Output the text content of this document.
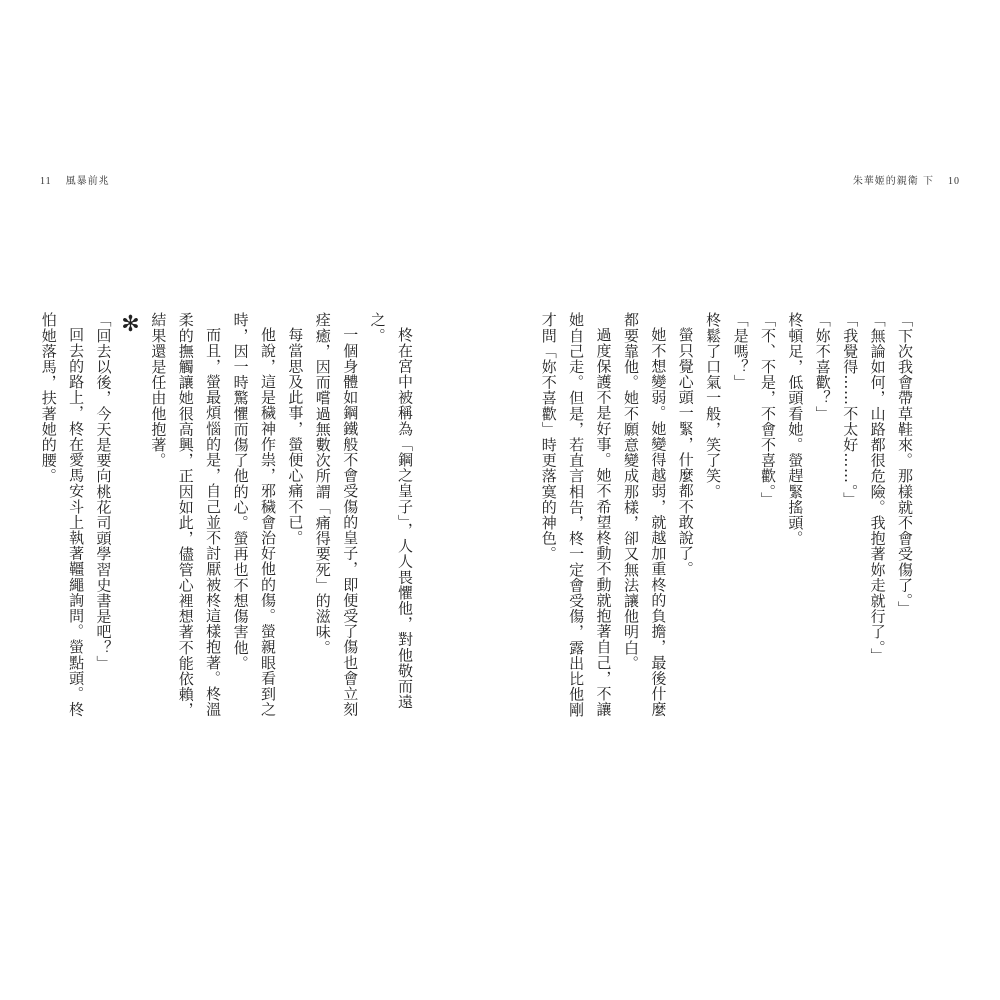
11 風暴前兆	朱華姬的親衛 下 10
「下次我會帶草鞋來。那樣就不會受傷了。」
「無論如何，山路都很危險。我抱著妳走就行了。」
「我覺得……不太好……。」
「妳不喜歡？」
柊頓足，低頭看她。螢趕緊搖頭。
「不、不是，不會不喜歡。」
「是嗎？」
柊鬆了口氣一般，笑了笑。
螢只覺心頭一緊，什麼都不敢說了。
她不想變弱。她變得越弱，就越加重柊的負擔，最後什麼都要靠他。她不願意變成那樣，卻又無法讓他明白。
過度保護不是好事。她不希望柊動不動就抱著自己，不讓她自己走。但是，若直言相告，柊一定會受傷，露出比他剛才問「妳不喜歡」時更落寞的神色。
柊在宮中被稱為「鋼之皇子」，人人畏懼他，對他敬而遠之。
一個身體如鋼鐵般不會受傷的皇子，即便受了傷也會立刻痊癒，因而嚐過無數次所謂「痛得要死」的滋味。
每當思及此事，螢便心痛不已。
他說，這是穢神作祟，邪穢會治好他的傷。螢親眼看到之時，因一時驚懼而傷了他的心。螢再也不想傷害他。
而且，螢最煩惱的是，自己並不討厭被柊這樣抱著。柊溫柔的撫觸讓她很高興，正因如此，儘管心裡想著不能依賴，結果還是任由他抱著。
✻
「回去以後，今天是要向桃花司頭學習史書是吧？」
回去的路上，柊在愛馬安斗上執著韁繩詢問。螢點頭。柊怕她落馬，扶著她的腰。
